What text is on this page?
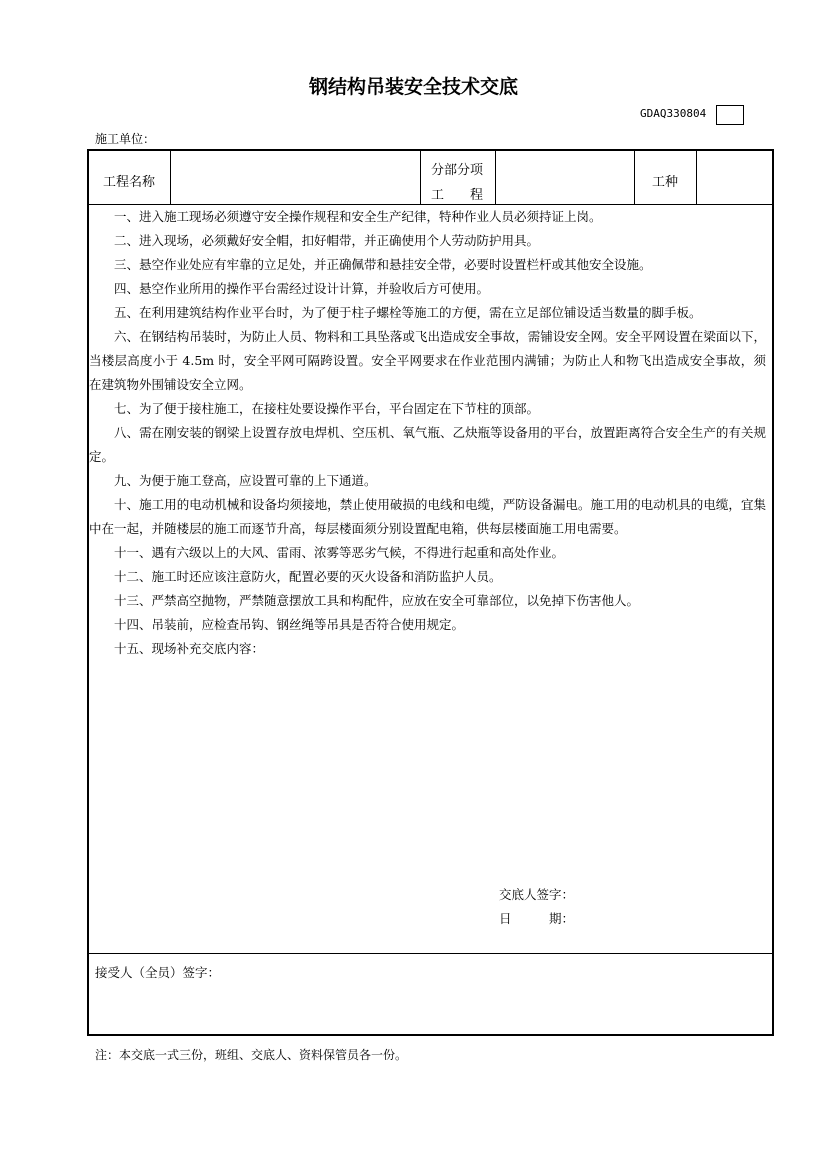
钢结构吊装安全技术交底
GDAQ330804
施工单位：
工程名称
分部分项
工　　程
工种

一、进入施工现场必须遵守安全操作规程和安全生产纪律，特种作业人员必须持证上岗。

二、进入现场，必须戴好安全帽，扣好帽带，并正确使用个人劳动防护用具。

三、悬空作业处应有牢靠的立足处，并正确佩带和悬挂安全带，必要时设置栏杆或其他安全设施。

四、悬空作业所用的操作平台需经过设计计算，并验收后方可使用。

五、在利用建筑结构作业平台时，为了便于柱子螺栓等施工的方便，需在立足部位铺设适当数量的脚手板。

六、在钢结构吊装时，为防止人员、物料和工具坠落或飞出造成安全事故，需铺设安全网。安全平网设置在梁面以下，当楼层高度小于 4.5m 时，安全平网可隔跨设置。安全平网要求在作业范围内满铺；为防止人和物飞出造成安全事故，须在建筑物外围铺设安全立网。

七、为了便于接柱施工，在接柱处要设操作平台，平台固定在下节柱的顶部。

八、需在刚安装的钢梁上设置存放电焊机、空压机、氧气瓶、乙炔瓶等设备用的平台，放置距离符合安全生产的有关规定。

九、为便于施工登高，应设置可靠的上下通道。

十、施工用的电动机械和设备均须接地，禁止使用破损的电线和电缆，严防设备漏电。施工用的电动机具的电缆，宜集中在一起，并随楼层的施工而逐节升高，每层楼面须分别设置配电箱，供每层楼面施工用电需要。

十一、遇有六级以上的大风、雷雨、浓雾等恶劣气候，不得进行起重和高处作业。

十二、施工时还应该注意防火，配置必要的灭火设备和消防监护人员。

十三、严禁高空抛物，严禁随意摆放工具和构配件，应放在安全可靠部位，以免掉下伤害他人。

十四、吊装前，应检查吊钩、钢丝绳等吊具是否符合使用规定。

十五、现场补充交底内容：

交底人签字：
日　　　期：
接受人（全员）签字：
注：本交底一式三份，班组、交底人、资料保管员各一份。
